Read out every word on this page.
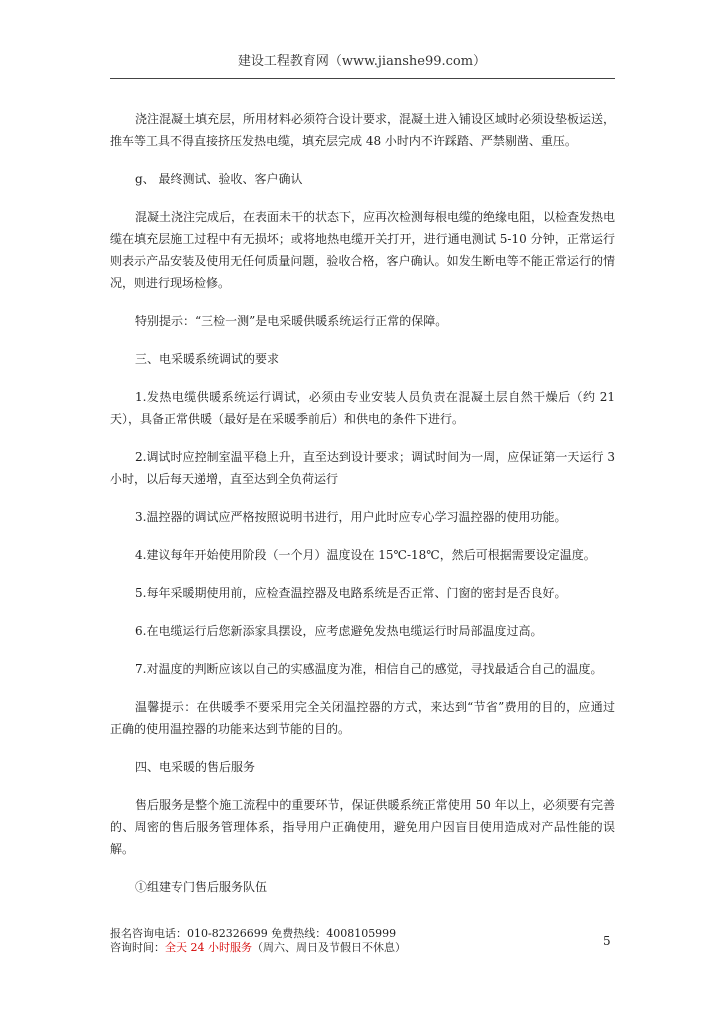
建设工程教育网（www.jianshe99.com）

浇注混凝土填充层，所用材料必须符合设计要求，混凝土进入铺设区域时必须设垫板运送，推车等工具不得直接挤压发热电缆，填充层完成 48 小时内不许踩踏、严禁剔凿、重压。

g、 最终测试、验收、客户确认

混凝土浇注完成后，在表面未干的状态下，应再次检测每根电缆的绝缘电阻，以检查发热电缆在填充层施工过程中有无损坏；或将地热电缆开关打开，进行通电测试 5-10 分钟，正常运行则表示产品安装及使用无任何质量问题，验收合格，客户确认。如发生断电等不能正常运行的情况，则进行现场检修。

特别提示：“三检一测”是电采暖供暖系统运行正常的保障。

三、电采暖系统调试的要求

1.发热电缆供暖系统运行调试，必须由专业安装人员负责在混凝土层自然干燥后（约 21 天），具备正常供暖（最好是在采暖季前后）和供电的条件下进行。

2.调试时应控制室温平稳上升，直至达到设计要求；调试时间为一周，应保证第一天运行 3 小时，以后每天递增，直至达到全负荷运行

3.温控器的调试应严格按照说明书进行，用户此时应专心学习温控器的使用功能。

4.建议每年开始使用阶段（一个月）温度设在 15℃-18℃，然后可根据需要设定温度。

5.每年采暖期使用前，应检查温控器及电路系统是否正常、门窗的密封是否良好。

6.在电缆运行后您新添家具摆设，应考虑避免发热电缆运行时局部温度过高。

7.对温度的判断应该以自己的实感温度为准，相信自己的感觉，寻找最适合自己的温度。

温馨提示：在供暖季不要采用完全关闭温控器的方式，来达到“节省”费用的目的，应通过正确的使用温控器的功能来达到节能的目的。

四、电采暖的售后服务

售后服务是整个施工流程中的重要环节，保证供暖系统正常使用 50 年以上，必须要有完善的、周密的售后服务管理体系，指导用户正确使用，避免用户因盲目使用造成对产品性能的误解。

①组建专门售后服务队伍

报名咨询电话：010-82326699 免费热线：4008105999
咨询时间：全天 24 小时服务（周六、周日及节假日不休息）	5
